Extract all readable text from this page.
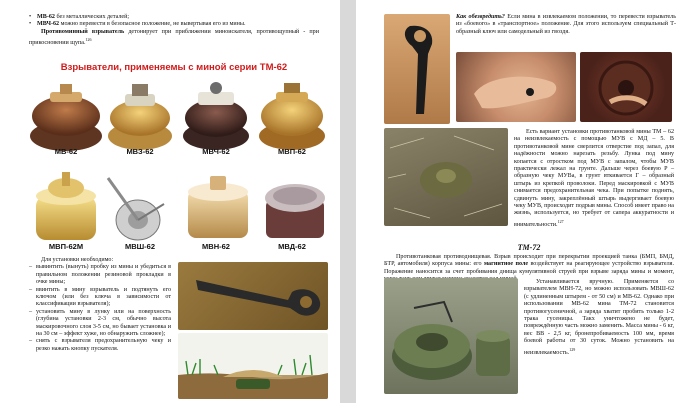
• МВ-62 без металлических деталей;
• МВЧ-62 можно перевести в безопасное положение, не вывертывая его из мины.
Противоминный взрыватель детонирует при приближении миноискателя, противощупный - при прикосновении щупа.$^{126}$
Взрыватели, применяемы с миной серии ТМ-62
МВ-62	МВЗ-62	МВЧ-62	МВП-62
МВП-62М	МВШ-62	МВН-62	МВД-62
Для установки необходимо:
– вывинтить (вынуть) пробку из мины и убедиться в правильном положении резиновой прокладки в очке мины;
– ввинтить в мину взрыватель и подтянуть его ключом (или без ключа в зависимости от классификации взрывателя);
– установить мину в лунку или на поверхность (глубина установки 2-3 см, обычно высота маскировочного слоя 3-5 см, но бывает установка и на 30 см – эффект хуже, но обнаружить сложнее);
– снять с взрывателя предохранительную чеку и резко нажать кнопку пускателя.
Как обезвредить? Если мина в извлекаемом положении, то перевести взрыватель из «боевого» в «транспортное» положение. Для этого используем специальный Т-образный ключ или самодельный из гвоздя.
Есть вариант установки противотанковой мины ТМ – 62 на неизвлекаемость с помощью МУВ с МД – 5. В противотанковой мине сверлится отверстие под запал, для надёжности можно нарезать резьбу. Лунка под мину копается с отростком под МУВ с запалом, чтобы МУВ практически лежал на грунте. Дальше через боевую Р – образную чеку МУВа, в грунт вткивается Г – образный штырь из крепкой проволоки. Перед маскировкой с МУВ снимается предохранительная чека. При попытке поднять, сдвинуть мину, закреплённый штырь выдергивает боевую чеку МУВ, происходит подрыв мины. Способ имеет право на жизнь, используется, но требует от сапера аккуратности и внимательности.$^{127}$
ТМ-72
Противотанковая противоднищевая. Взрыв происходит при перекрытии проекцией танка (БМП, БМД, БТР, автомобиля) корпуса мины: его магнитное поле воздействует на реагирующее устройство взрывателя. Поражение наносится за счет пробивания днища кумулятивной струей при взрыве заряда мины и момент,
Устанавливается вручную. Применяется со взрывателем МВН-72, но можно использовать МВШ-62 (с удлиненным штырем - от 50 см) и МВ-62. Однако при использовании МВ-62 мина ТМ-72 становится противогусеничной, а заряда хватит пробить только 1-2 трака гусеницы. Такх уничтожено не будет, повреждённую часть можно заменить. Масса мины - 6 кг, вес ВВ - 2,5 кг, бронепробиваемость 100 мм, время боевой работы от 30 суток. Можно установить на неизвлекаемость.$^{129}$
